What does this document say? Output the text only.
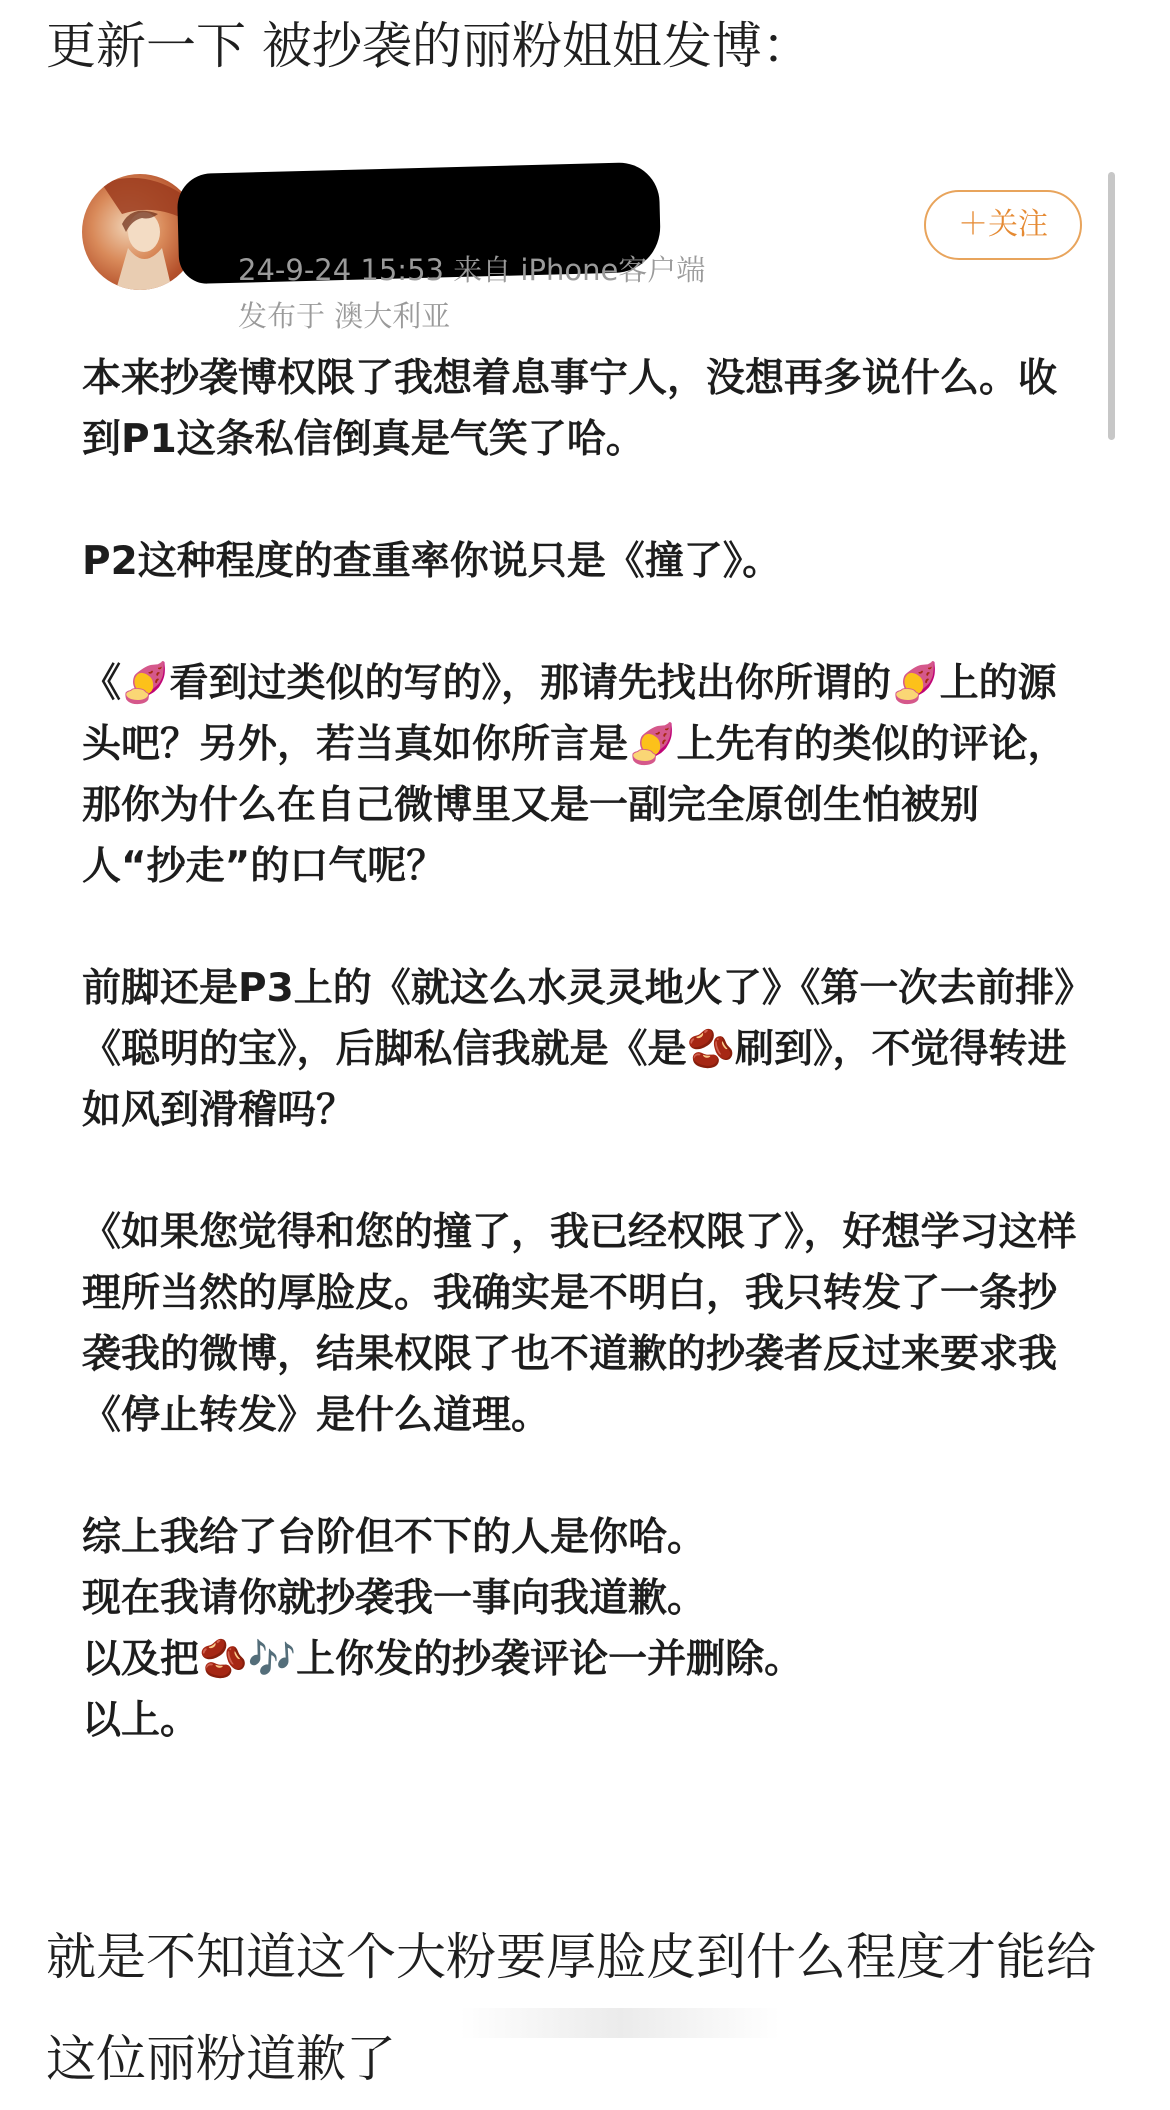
更新一下 被抄袭的丽粉姐姐发博：
24-9-24 15:53 来自 iPhone客户端
发布于 澳大利亚
＋关注

本来抄袭博权限了我想着息事宁人，没想再多说什么。收到P1这条私信倒真是气笑了哈。

P2这种程度的查重率你说只是《撞了》。

《🍠看到过类似的写的》，那请先找出你所谓的🍠上的源头吧？另外，若当真如你所言是🍠上先有的类似的评论，那你为什么在自己微博里又是一副完全原创生怕被别人“抄走”的口气呢？

前脚还是P3上的《就这么水灵灵地火了》《第一次去前排》《聪明的宝》，后脚私信我就是《是🫘刷到》，不觉得转进如风到滑稽吗？

《如果您觉得和您的撞了，我已经权限了》，好想学习这样理所当然的厚脸皮。我确实是不明白，我只转发了一条抄袭我的微博，结果权限了也不道歉的抄袭者反过来要求我《停止转发》是什么道理。

综上我给了台阶但不下的人是你哈。
现在我请你就抄袭我一事向我道歉。
以及把🫘🎶上你发的抄袭评论一并删除。
以上。

就是不知道这个大粉要厚脸皮到什么程度才能给这位丽粉道歉了
